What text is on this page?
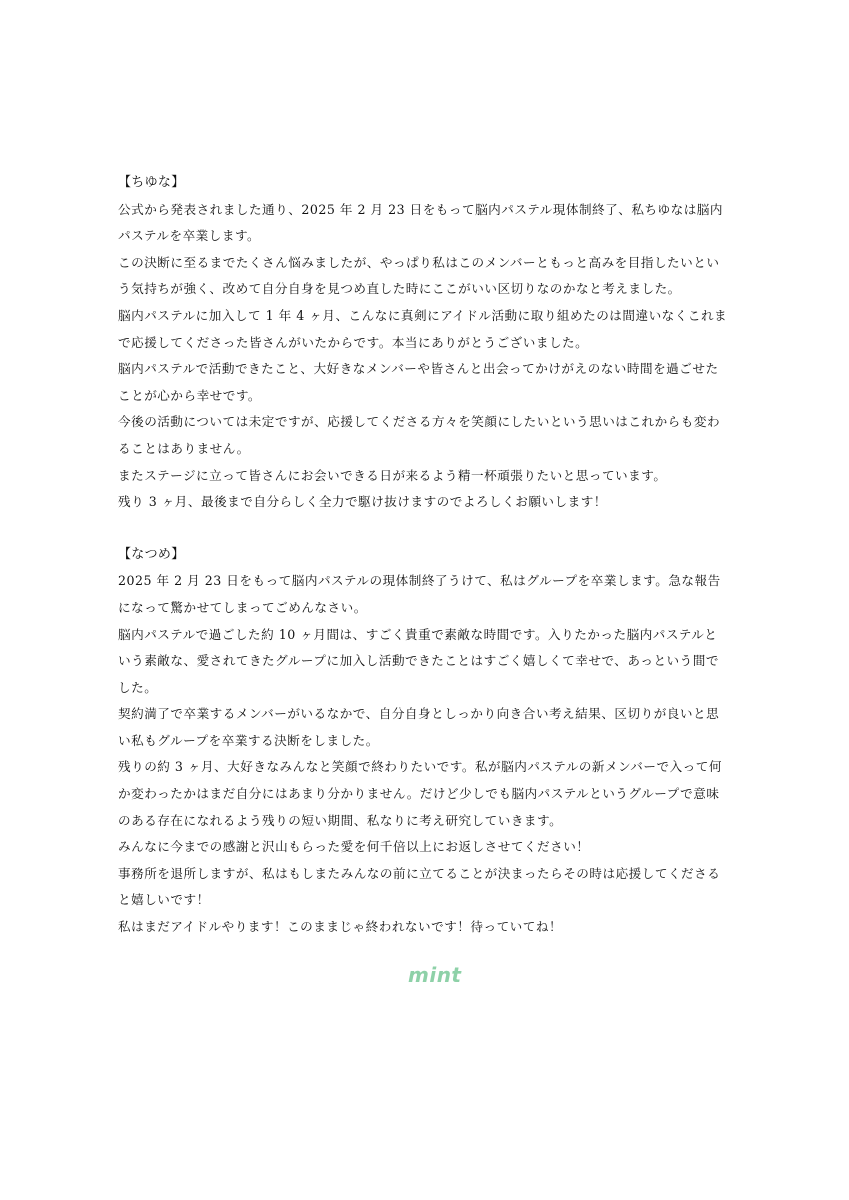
【ちゆな】

公式から発表されました通り、2025 年 2 月 23 日をもって脳内パステル現体制終了、私ちゆなは脳内パステルを卒業します。

この決断に至るまでたくさん悩みましたが、やっぱり私はこのメンバーともっと高みを目指したいという気持ちが強く、改めて自分自身を見つめ直した時にここがいい区切りなのかなと考えました。

脳内パステルに加入して 1 年 4 ヶ月、こんなに真剣にアイドル活動に取り組めたのは間違いなくこれまで応援してくださった皆さんがいたからです。本当にありがとうございました。

脳内パステルで活動できたこと、大好きなメンバーや皆さんと出会ってかけがえのない時間を過ごせたことが心から幸せです。

今後の活動については未定ですが、応援してくださる方々を笑顔にしたいという思いはこれからも変わることはありません。

またステージに立って皆さんにお会いできる日が来るよう精一杯頑張りたいと思っています。

残り 3 ヶ月、最後まで自分らしく全力で駆け抜けますのでよろしくお願いします！

【なつめ】

2025 年 2 月 23 日をもって脳内パステルの現体制終了うけて、私はグループを卒業します。急な報告になって驚かせてしまってごめんなさい。

脳内パステルで過ごした約 10 ヶ月間は、すごく貴重で素敵な時間です。入りたかった脳内パステルという素敵な、愛されてきたグループに加入し活動できたことはすごく嬉しくて幸せで、あっという間でした。

契約満了で卒業するメンバーがいるなかで、自分自身としっかり向き合い考え結果、区切りが良いと思い私もグループを卒業する決断をしました。

残りの約 3 ヶ月、大好きなみんなと笑顔で終わりたいです。私が脳内パステルの新メンバーで入って何か変わったかはまだ自分にはあまり分かりません。だけど少しでも脳内パステルというグループで意味のある存在になれるよう残りの短い期間、私なりに考え研究していきます。

みんなに今までの感謝と沢山もらった愛を何千倍以上にお返しさせてください！

事務所を退所しますが、私はもしまたみんなの前に立てることが決まったらその時は応援してくださると嬉しいです！

私はまだアイドルやります！このままじゃ終われないです！待っていてね！

mint
